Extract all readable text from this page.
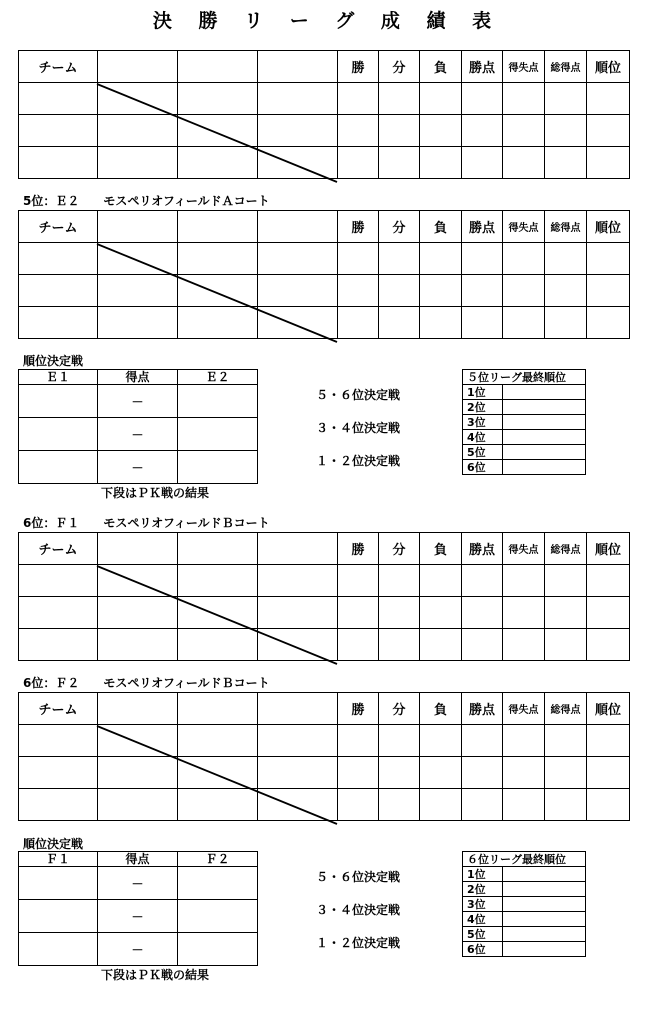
決 勝 リ ー グ 成 績 表
チーム				勝	分	負	勝点	得失点	総得点	順位

5位：Ｅ２　　モスペリオフィールドＡコート
チーム				勝	分	負	勝点	得失点	総得点	順位

順位決定戦
Ｅ１	得点	Ｅ２
	－	
	－	
	－	
５・６位決定戦
３・４位決定戦
１・２位決定戦
下段はＰＫ戦の結果
５位リーグ最終順位	
1位	
2位	
3位	
4位	
5位	
6位	
6位：Ｆ１　　モスペリオフィールドＢコート
チーム				勝	分	負	勝点	得失点	総得点	順位

6位：Ｆ２　　モスペリオフィールドＢコート
チーム				勝	分	負	勝点	得失点	総得点	順位

順位決定戦
Ｆ１	得点	Ｆ２
	－	
	－	
	－	
５・６位決定戦
３・４位決定戦
１・２位決定戦
下段はＰＫ戦の結果
６位リーグ最終順位	
1位	
2位	
3位	
4位	
5位	
6位	
